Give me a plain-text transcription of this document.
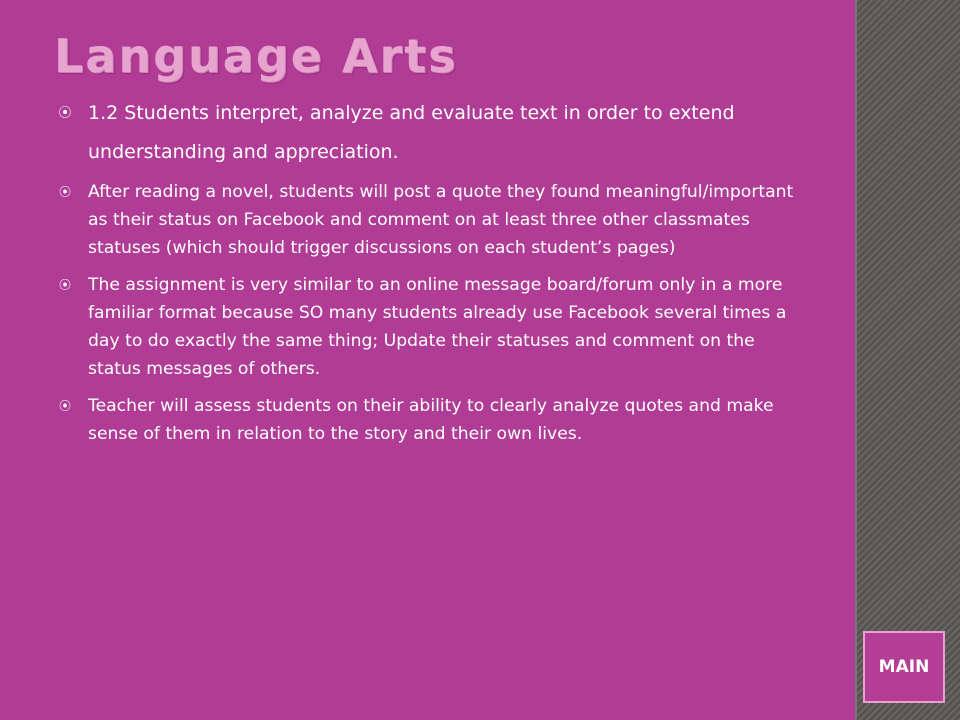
Language Arts
⦿ 1.2 Students interpret, analyze and evaluate text in order to extend understanding and appreciation.
⦿ After reading a novel, students will post a quote they found meaningful/important as their status on Facebook and comment on at least three other classmates statuses (which should trigger discussions on each student’s pages)
⦿ The assignment is very similar to an online message board/forum only in a more familiar format because SO many students already use Facebook several times a day to do exactly the same thing; Update their statuses and comment on the status messages of others.
⦿ Teacher will assess students on their ability to clearly analyze quotes and make sense of them in relation to the story and their own lives.
MAIN
